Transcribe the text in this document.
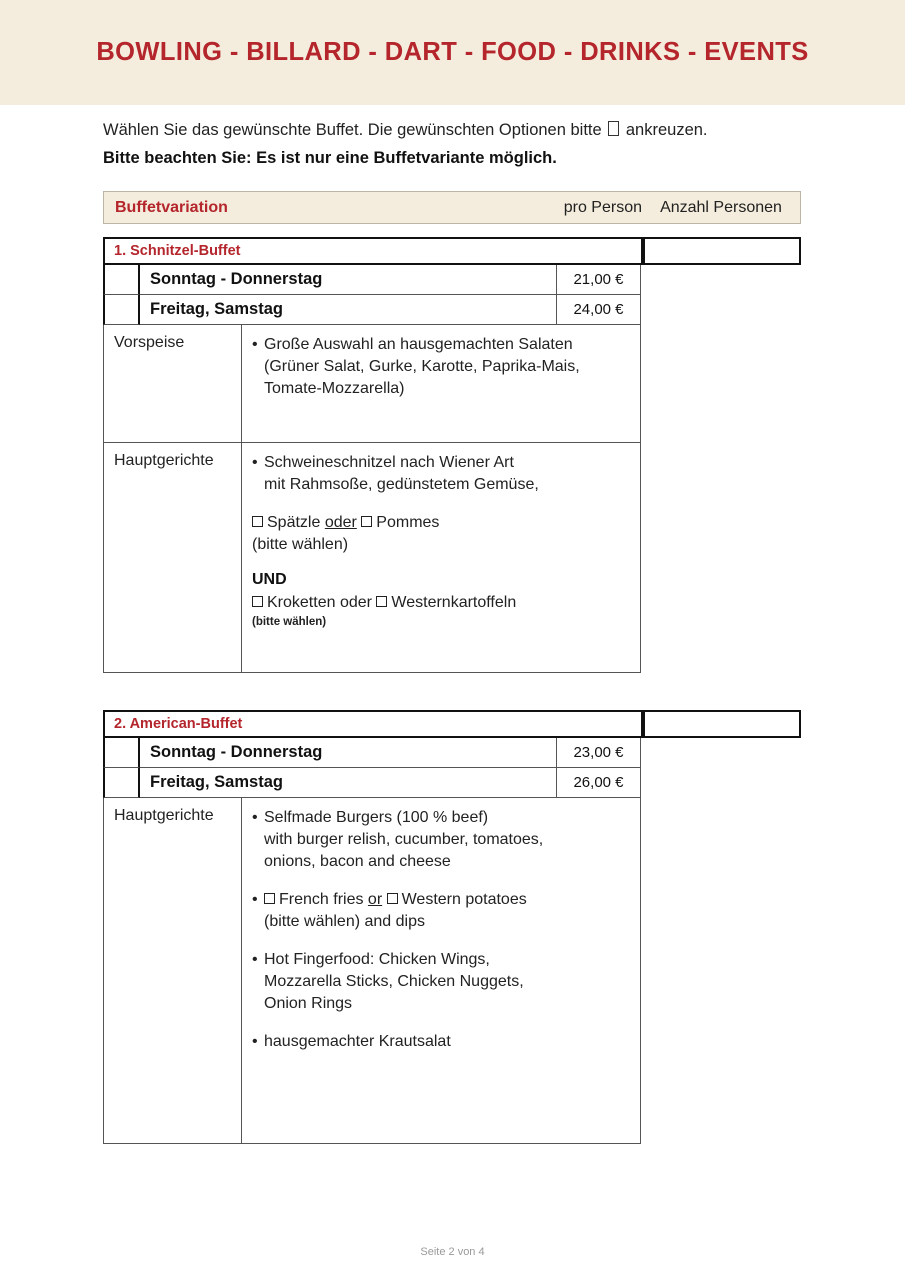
BOWLING - BILLARD - DART - FOOD - DRINKS - EVENTS
Wählen Sie das gewünschte Buffet. Die gewünschten Optionen bitte ankreuzen.
Bitte beachten Sie: Es ist nur eine Buffetvariante möglich.
Buffetvariation	pro Person	Anzahl Personen
1. Schnitzel-Buffet
Sonntag - Donnerstag	21,00 €
Freitag, Samstag	24,00 €
Vorspeise	• Große Auswahl an hausgemachten Salaten
(Grüner Salat, Gurke, Karotte, Paprika-Mais,
Tomate-Mozzarella)
Hauptgerichte	• Schweineschnitzel nach Wiener Art
mit Rahmsoße, gedünstetem Gemüse,
Spätzle oder Pommes
(bitte wählen)
UND
Kroketten oder Westernkartoffeln
(bitte wählen)
2. American-Buffet
Sonntag - Donnerstag	23,00 €
Freitag, Samstag	26,00 €
Hauptgerichte	• Selfmade Burgers (100 % beef)
with burger relish, cucumber, tomatoes,
onions, bacon and cheese
• French fries or Western potatoes
(bitte wählen) and dips
• Hot Fingerfood: Chicken Wings,
Mozzarella Sticks, Chicken Nuggets,
Onion Rings
• hausgemachter Krautsalat
Seite 2 von 4
